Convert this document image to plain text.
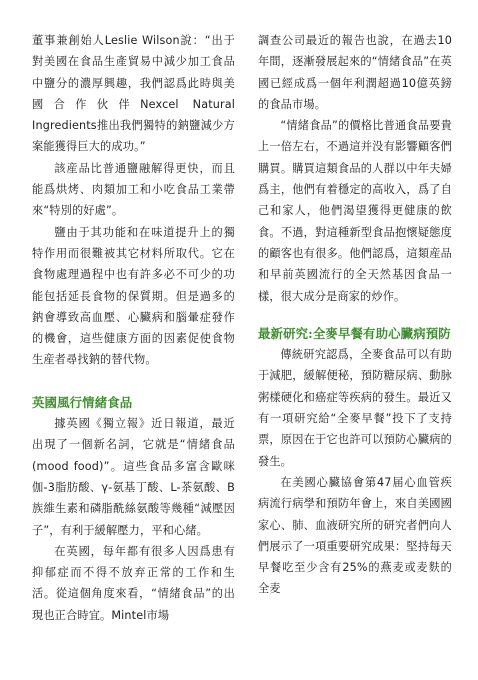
董事兼創始人Leslie Wilson說：“出于對美國在食品生產貿易中減少加工食品中鹽分的濃厚興趣，我們認爲此時與美國合作伙伴Nexcel Natural Ingredients推出我們獨特的鈉鹽減少方案能獲得巨大的成功。”

該産品比普通鹽融解得更快，而且能爲烘烤、肉類加工和小吃食品工業帶來“特別的好處”。

鹽由于其功能和在味道提升上的獨特作用而很難被其它材料所取代。它在食物處理過程中也有許多必不可少的功能包括延長食物的保質期。但是過多的鈉會導致高血壓、心臟病和腦暈症發作的機會，這些健康方面的因素促使食物生産者尋找鈉的替代物。

英國風行情緒食品

據英國《獨立報》近日報道，最近出現了一個新名詞，它就是“情緒食品(mood food)”。這些食品多富含歐咪伽-3脂肪酸、γ-氨基丁酸、L-茶氨酸、B族維生素和磷脂酰絲氨酸等幾種“減壓因子”，有利于緩解壓力，平和心緒。

在英國，每年都有很多人因爲患有抑郁症而不得不放弃正常的工作和生活。從這個角度來看，“情緒食品”的出現也正合時宜。Mintel市場

調查公司最近的報告也說，在過去10年間，逐漸發展起來的“情緒食品”在英國已經成爲一個年利潤超過10億英鎊的食品市場。

“情緒食品”的價格比普通食品要貴上一倍左右，不過這并没有影響顧客們購買。購買這類食品的人群以中年夫婦爲主，他們有着穩定的高收入，爲了自己和家人，他們渴望獲得更健康的飲食。不過，對這種新型食品抱懷疑態度的顧客也有很多。他們認爲，這類産品和早前英國流行的全天然基因食品一樣，很大成分是商家的炒作。

最新研究:全麥早餐有助心臟病預防

傳統研究認爲，全麥食品可以有助于減肥，緩解便秘，預防糖尿病、動脉粥樣硬化和癌症等疾病的發生。最近又有一項研究給“全麥早餐”投下了支持票，原因在于它也許可以預防心臟病的發生。

在美國心臟協會第47届心血管疾病流行病學和預防年會上，來自美國國家心、肺、血液研究所的研究者們向人們展示了一項重要研究成果：堅持每天早餐吃至少含有25%的燕麦或麦麩的全麦
